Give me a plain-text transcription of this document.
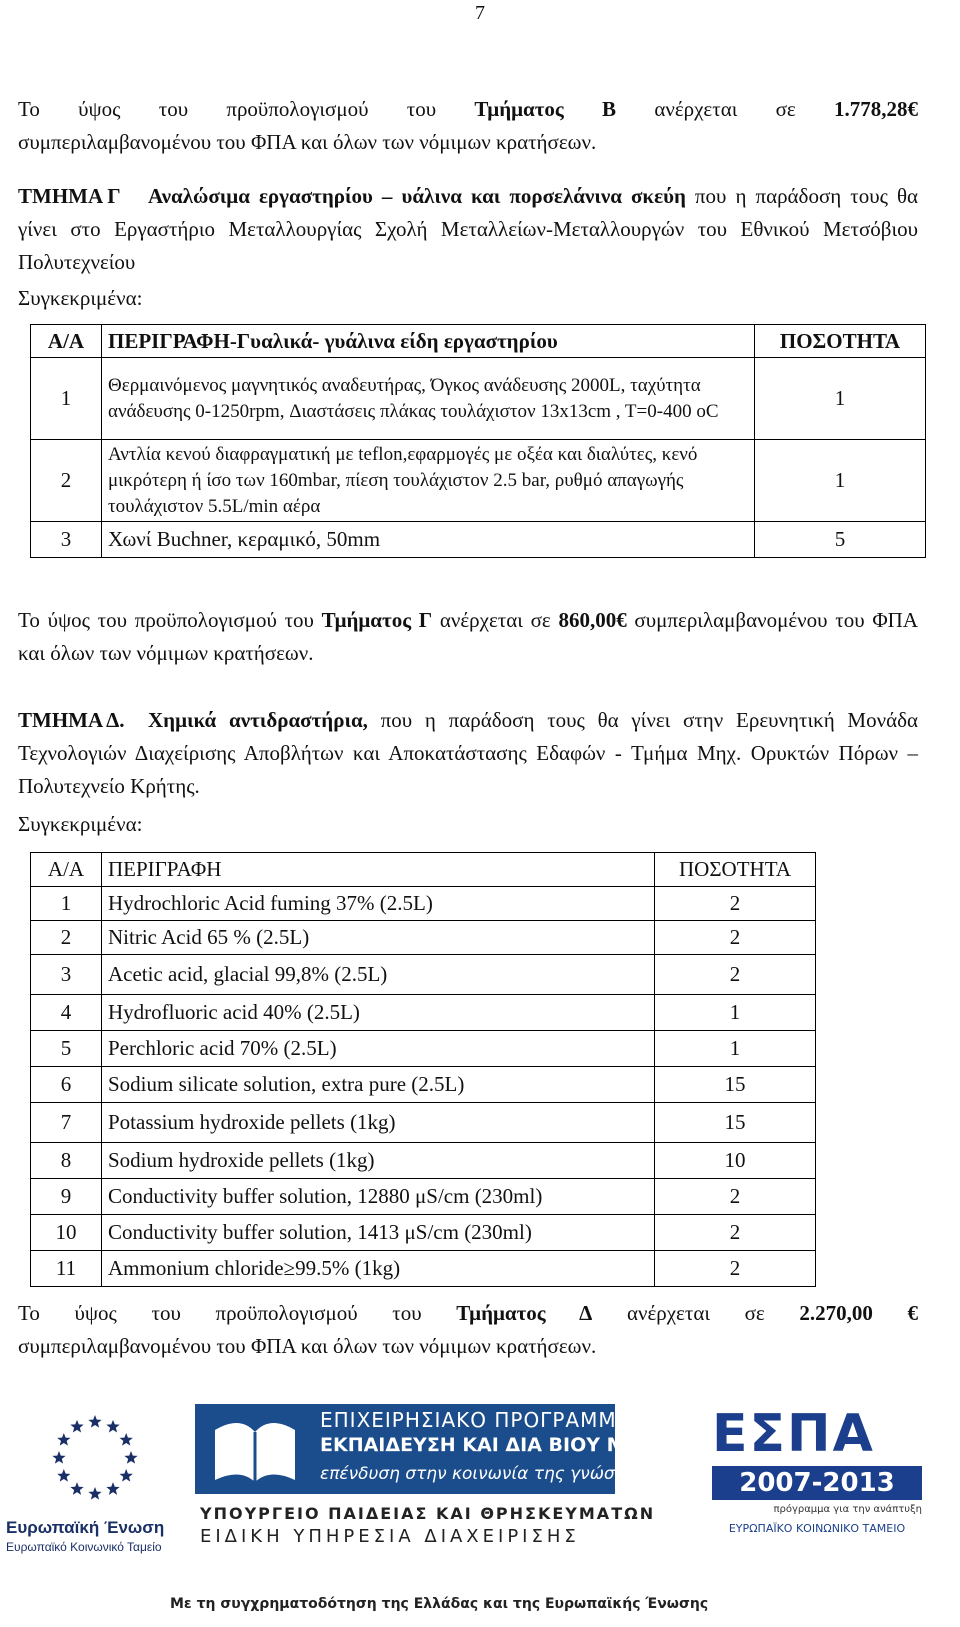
7
Το ύψος του προϋπολογισμού του Τμήματος Β ανέρχεται σε 1.778,28€
συμπεριλαμβανομένου του ΦΠΑ και όλων των νόμιμων κρατήσεων.
ΤΜΗΜΑ Γ	Αναλώσιμα εργαστηρίου – υάλινα και πορσελάνινα σκεύη που η παράδοση τους θα γίνει στο Εργαστήριο Μεταλλουργίας Σχολή Μεταλλείων-Μεταλλουργών του Εθνικού Μετσόβιου Πολυτεχνείου
Συγκεκριμένα:
Α/Α	ΠΕΡΙΓΡΑΦΗ-Γυαλικά- γυάλινα είδη εργαστηρίου	ΠΟΣΟΤΗΤΑ
1	Θερμαινόμενος μαγνητικός αναδευτήρας, Όγκος ανάδευσης 2000L, ταχύτητα ανάδευσης 0-1250rpm, Διαστάσεις πλάκας τουλάχιστον 13x13cm , T=0-400 oC	1
2	Αντλία κενού διαφραγματική με teflon,εφαρμογές με οξέα και διαλύτες, κενό μικρότερη ή ίσο των 160mbar, πίεση τουλάχιστον 2.5 bar, ρυθμό απαγωγής τουλάχιστον 5.5L/min αέρα	1
3	Χωνί Buchner, κεραμικό, 50mm	5
Το ύψος του προϋπολογισμού του Τμήματος Γ ανέρχεται σε 860,00€ συμπεριλαμβανομένου του ΦΠΑ και όλων των νόμιμων κρατήσεων.
ΤΜΗΜΑ Δ.	Χημικά αντιδραστήρια, που η παράδοση τους θα γίνει στην Ερευνητική Μονάδα Τεχνολογιών Διαχείρισης Αποβλήτων και Αποκατάστασης Εδαφών - Τμήμα Μηχ. Ορυκτών Πόρων – Πολυτεχνείο Κρήτης.
Συγκεκριμένα:
Α/Α	ΠΕΡΙΓΡΑΦΗ	ΠΟΣΟΤΗΤΑ
1	Hydrochloric Acid fuming 37% (2.5L)	2
2	Nitric Acid 65 % (2.5L)	2
3	Acetic acid, glacial 99,8% (2.5L)	2
4	Hydrofluoric acid 40% (2.5L)	1
5	Perchloric acid 70% (2.5L)	1
6	Sodium silicate solution, extra pure (2.5L)	15
7	Potassium hydroxide pellets (1kg)	15
8	Sodium hydroxide pellets (1kg)	10
9	Conductivity buffer solution, 12880 μS/cm (230ml)	2
10	Conductivity buffer solution, 1413 μS/cm (230ml)	2
11	Ammonium chloride≥99.5% (1kg)	2
Το ύψος του προϋπολογισμού του Τμήματος Δ ανέρχεται σε 2.270,00 €
συμπεριλαμβανομένου του ΦΠΑ και όλων των νόμιμων κρατήσεων.
Ευρωπαϊκή Ένωση
Ευρωπαϊκό Κοινωνικό Ταμείο
ΕΠΙΧΕΙΡΗΣΙΑΚΟ ΠΡΟΓΡΑΜΜΑ
ΕΚΠΑΙΔΕΥΣΗ ΚΑΙ ΔΙΑ ΒΙΟΥ ΜΑΘΗΣΗ
επένδυση στην κοινωνία της γνώσης
ΥΠΟΥΡΓΕΙΟ ΠΑΙΔΕΙΑΣ ΚΑΙ ΘΡΗΣΚΕΥΜΑΤΩΝ
ΕΙΔΙΚΗ ΥΠΗΡΕΣΙΑ ΔΙΑΧΕΙΡΙΣΗΣ
ΕΣΠΑ
2007-2013
πρόγραμμα για την ανάπτυξη
ΕΥΡΩΠΑΪΚΟ ΚΟΙΝΩΝΙΚΟ ΤΑΜΕΙΟ
Με τη συγχρηματοδότηση της Ελλάδας και της Ευρωπαϊκής Ένωσης
